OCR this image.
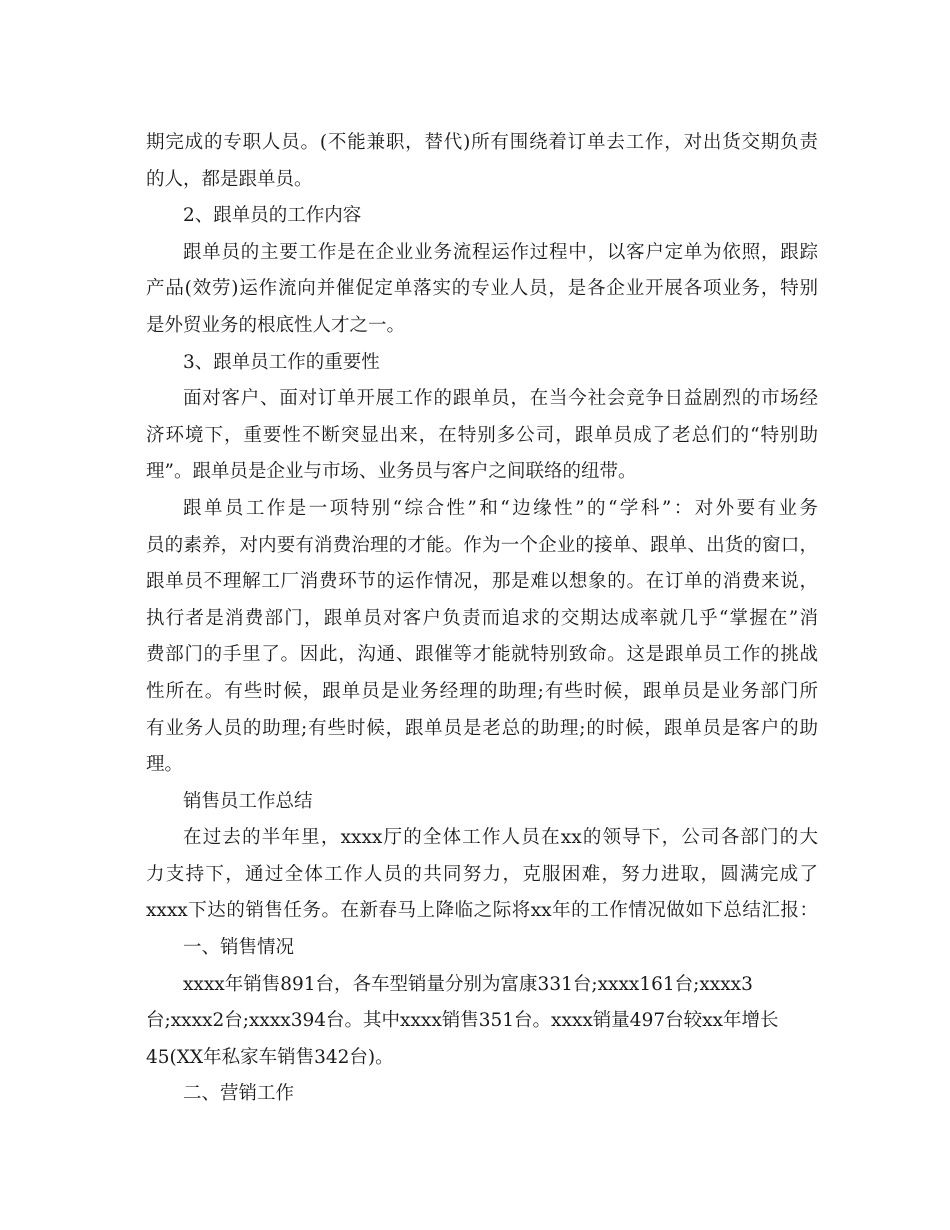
期完成的专职人员。(不能兼职，替代)所有围绕着订单去工作，对出货交期负责
的人，都是跟单员。
2、跟单员的工作内容
跟单员的主要工作是在企业业务流程运作过程中，以客户定单为依照，跟踪
产品(效劳)运作流向并催促定单落实的专业人员，是各企业开展各项业务，特别
是外贸业务的根底性人才之一。
3、跟单员工作的重要性
面对客户、面对订单开展工作的跟单员，在当今社会竞争日益剧烈的市场经
济环境下，重要性不断突显出来，在特别多公司，跟单员成了老总们的“特别助
理”。跟单员是企业与市场、业务员与客户之间联络的纽带。
跟单员工作是一项特别“综合性”和“边缘性”的“学科”：对外要有业务
员的素养，对内要有消费治理的才能。作为一个企业的接单、跟单、出货的窗口，
跟单员不理解工厂消费环节的运作情况，那是难以想象的。在订单的消费来说，
执行者是消费部门，跟单员对客户负责而追求的交期达成率就几乎“掌握在”消
费部门的手里了。因此，沟通、跟催等才能就特别致命。这是跟单员工作的挑战
性所在。有些时候，跟单员是业务经理的助理;有些时候，跟单员是业务部门所
有业务人员的助理;有些时候，跟单员是老总的助理;的时候，跟单员是客户的助
理。
销售员工作总结
在过去的半年里，xxxx厅的全体工作人员在xx的领导下，公司各部门的大
力支持下，通过全体工作人员的共同努力，克服困难，努力进取，圆满完成了
xxxx下达的销售任务。在新春马上降临之际将xx年的工作情况做如下总结汇报：
一、销售情况
xxxx年销售891台，各车型销量分别为富康331台;xxxx161台;xxxx3
台;xxxx2台;xxxx394台。其中xxxx销售351台。xxxx销量497台较xx年增长
45(XX年私家车销售342台)。
二、营销工作
